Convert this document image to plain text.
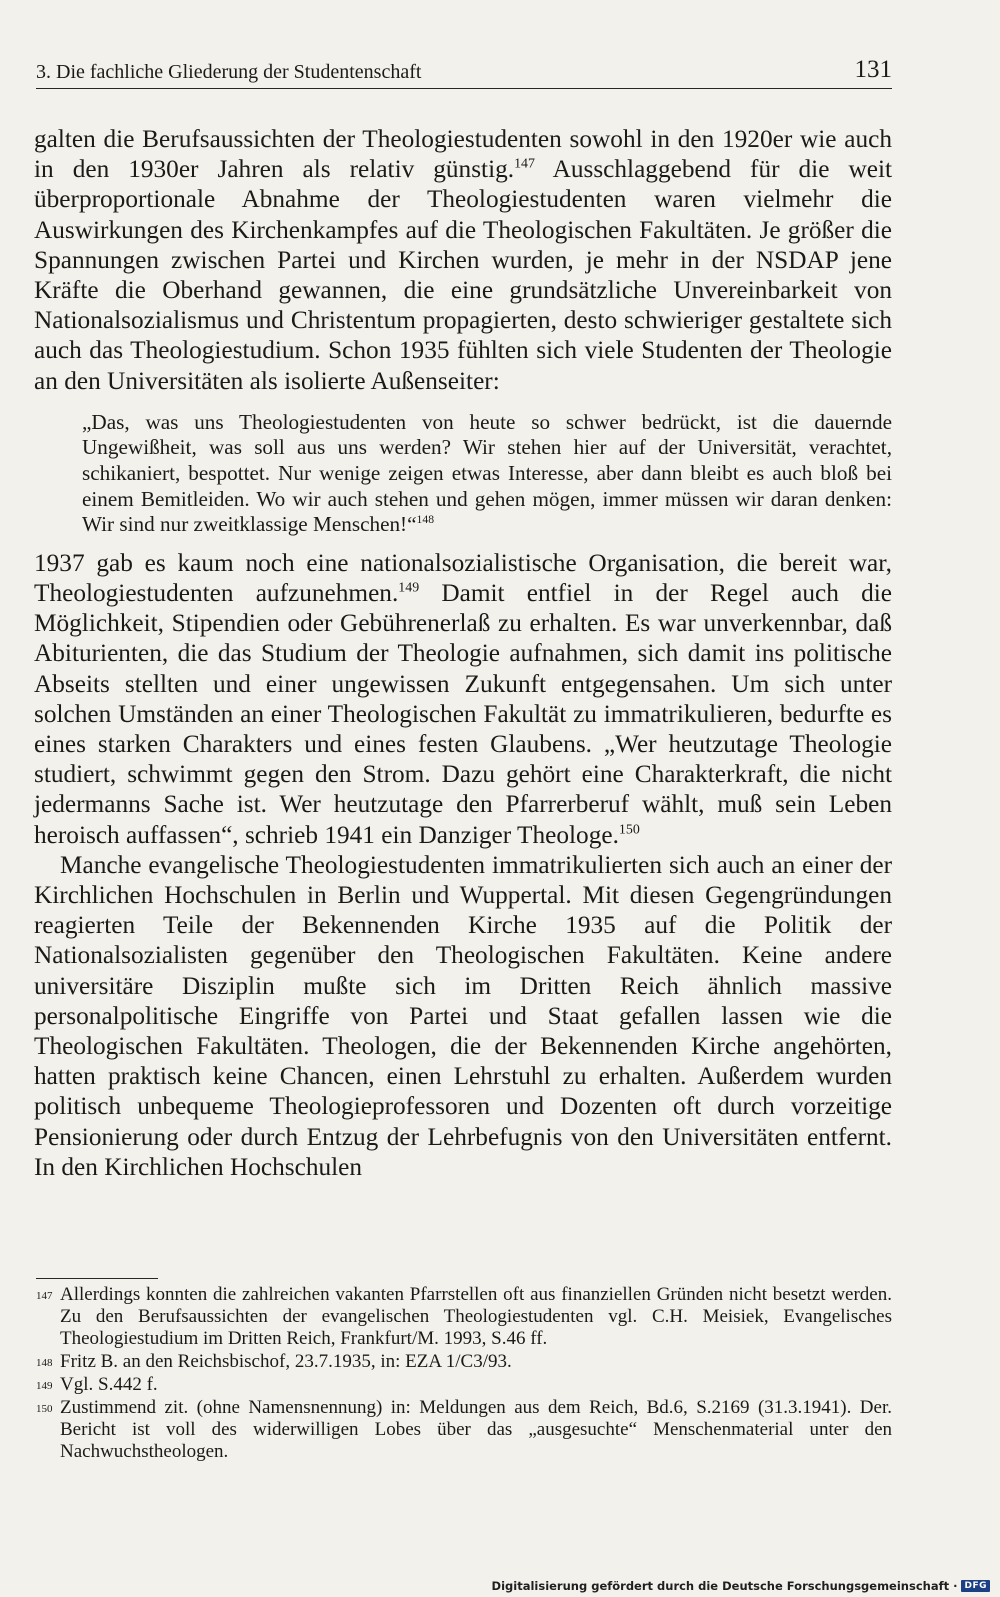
3. Die fachliche Gliederung der Studentenschaft	131

galten die Berufsaussichten der Theologiestudenten sowohl in den 1920er wie auch in den 1930er Jahren als relativ günstig.$^{147}$ Ausschlaggebend für die weit überproportionale Abnahme der Theologiestudenten waren vielmehr die Auswirkungen des Kirchenkampfes auf die Theologischen Fakultäten. Je größer die Spannungen zwischen Partei und Kirchen wurden, je mehr in der NSDAP jene Kräfte die Oberhand gewannen, die eine grundsätzliche Unvereinbarkeit von Nationalsozialismus und Christentum propagierten, desto schwieriger gestaltete sich auch das Theologiestudium. Schon 1935 fühlten sich viele Studenten der Theologie an den Universitäten als isolierte Außenseiter:

„Das, was uns Theologiestudenten von heute so schwer bedrückt, ist die dauernde Ungewißheit, was soll aus uns werden? Wir stehen hier auf der Universität, verachtet, schikaniert, bespottet. Nur wenige zeigen etwas Interesse, aber dann bleibt es auch bloß bei einem Bemitleiden. Wo wir auch stehen und gehen mögen, immer müssen wir daran denken: Wir sind nur zweitklassige Menschen!“$^{148}$

1937 gab es kaum noch eine nationalsozialistische Organisation, die bereit war, Theologiestudenten aufzunehmen.$^{149}$ Damit entfiel in der Regel auch die Möglichkeit, Stipendien oder Gebührenerlaß zu erhalten. Es war unverkennbar, daß Abiturienten, die das Studium der Theologie aufnahmen, sich damit ins politische Abseits stellten und einer ungewissen Zukunft entgegensahen. Um sich unter solchen Umständen an einer Theologischen Fakultät zu immatrikulieren, bedurfte es eines starken Charakters und eines festen Glaubens. „Wer heutzutage Theologie studiert, schwimmt gegen den Strom. Dazu gehört eine Charakterkraft, die nicht jedermanns Sache ist. Wer heutzutage den Pfarrerberuf wählt, muß sein Leben heroisch auffassen“, schrieb 1941 ein Danziger Theologe.$^{150}$

Manche evangelische Theologiestudenten immatrikulierten sich auch an einer der Kirchlichen Hochschulen in Berlin und Wuppertal. Mit diesen Gegengründungen reagierten Teile der Bekennenden Kirche 1935 auf die Politik der Nationalsozialisten gegenüber den Theologischen Fakultäten. Keine andere universitäre Disziplin mußte sich im Dritten Reich ähnlich massive personalpolitische Eingriffe von Partei und Staat gefallen lassen wie die Theologischen Fakultäten. Theologen, die der Bekennenden Kirche angehörten, hatten praktisch keine Chancen, einen Lehrstuhl zu erhalten. Außerdem wurden politisch unbequeme Theologieprofessoren und Dozenten oft durch vorzeitige Pensionierung oder durch Entzug der Lehrbefugnis von den Universitäten entfernt. In den Kirchlichen Hochschulen

147 Allerdings konnten die zahlreichen vakanten Pfarrstellen oft aus finanziellen Gründen nicht besetzt werden. Zu den Berufsaussichten der evangelischen Theologiestudenten vgl. C.H. Meisiek, Evangelisches Theologiestudium im Dritten Reich, Frankfurt/M. 1993, S.46 ff.
148 Fritz B. an den Reichsbischof, 23.7.1935, in: EZA 1/C3/93.
149 Vgl. S.442 f.
150 Zustimmend zit. (ohne Namensnennung) in: Meldungen aus dem Reich, Bd.6, S.2169 (31.3.1941). Der. Bericht ist voll des widerwilligen Lobes über das „ausgesuchte“ Menschenmaterial unter den Nachwuchstheologen.
Digitalisierung gefördert durch die Deutsche Forschungsgemeinschaft · DFG
